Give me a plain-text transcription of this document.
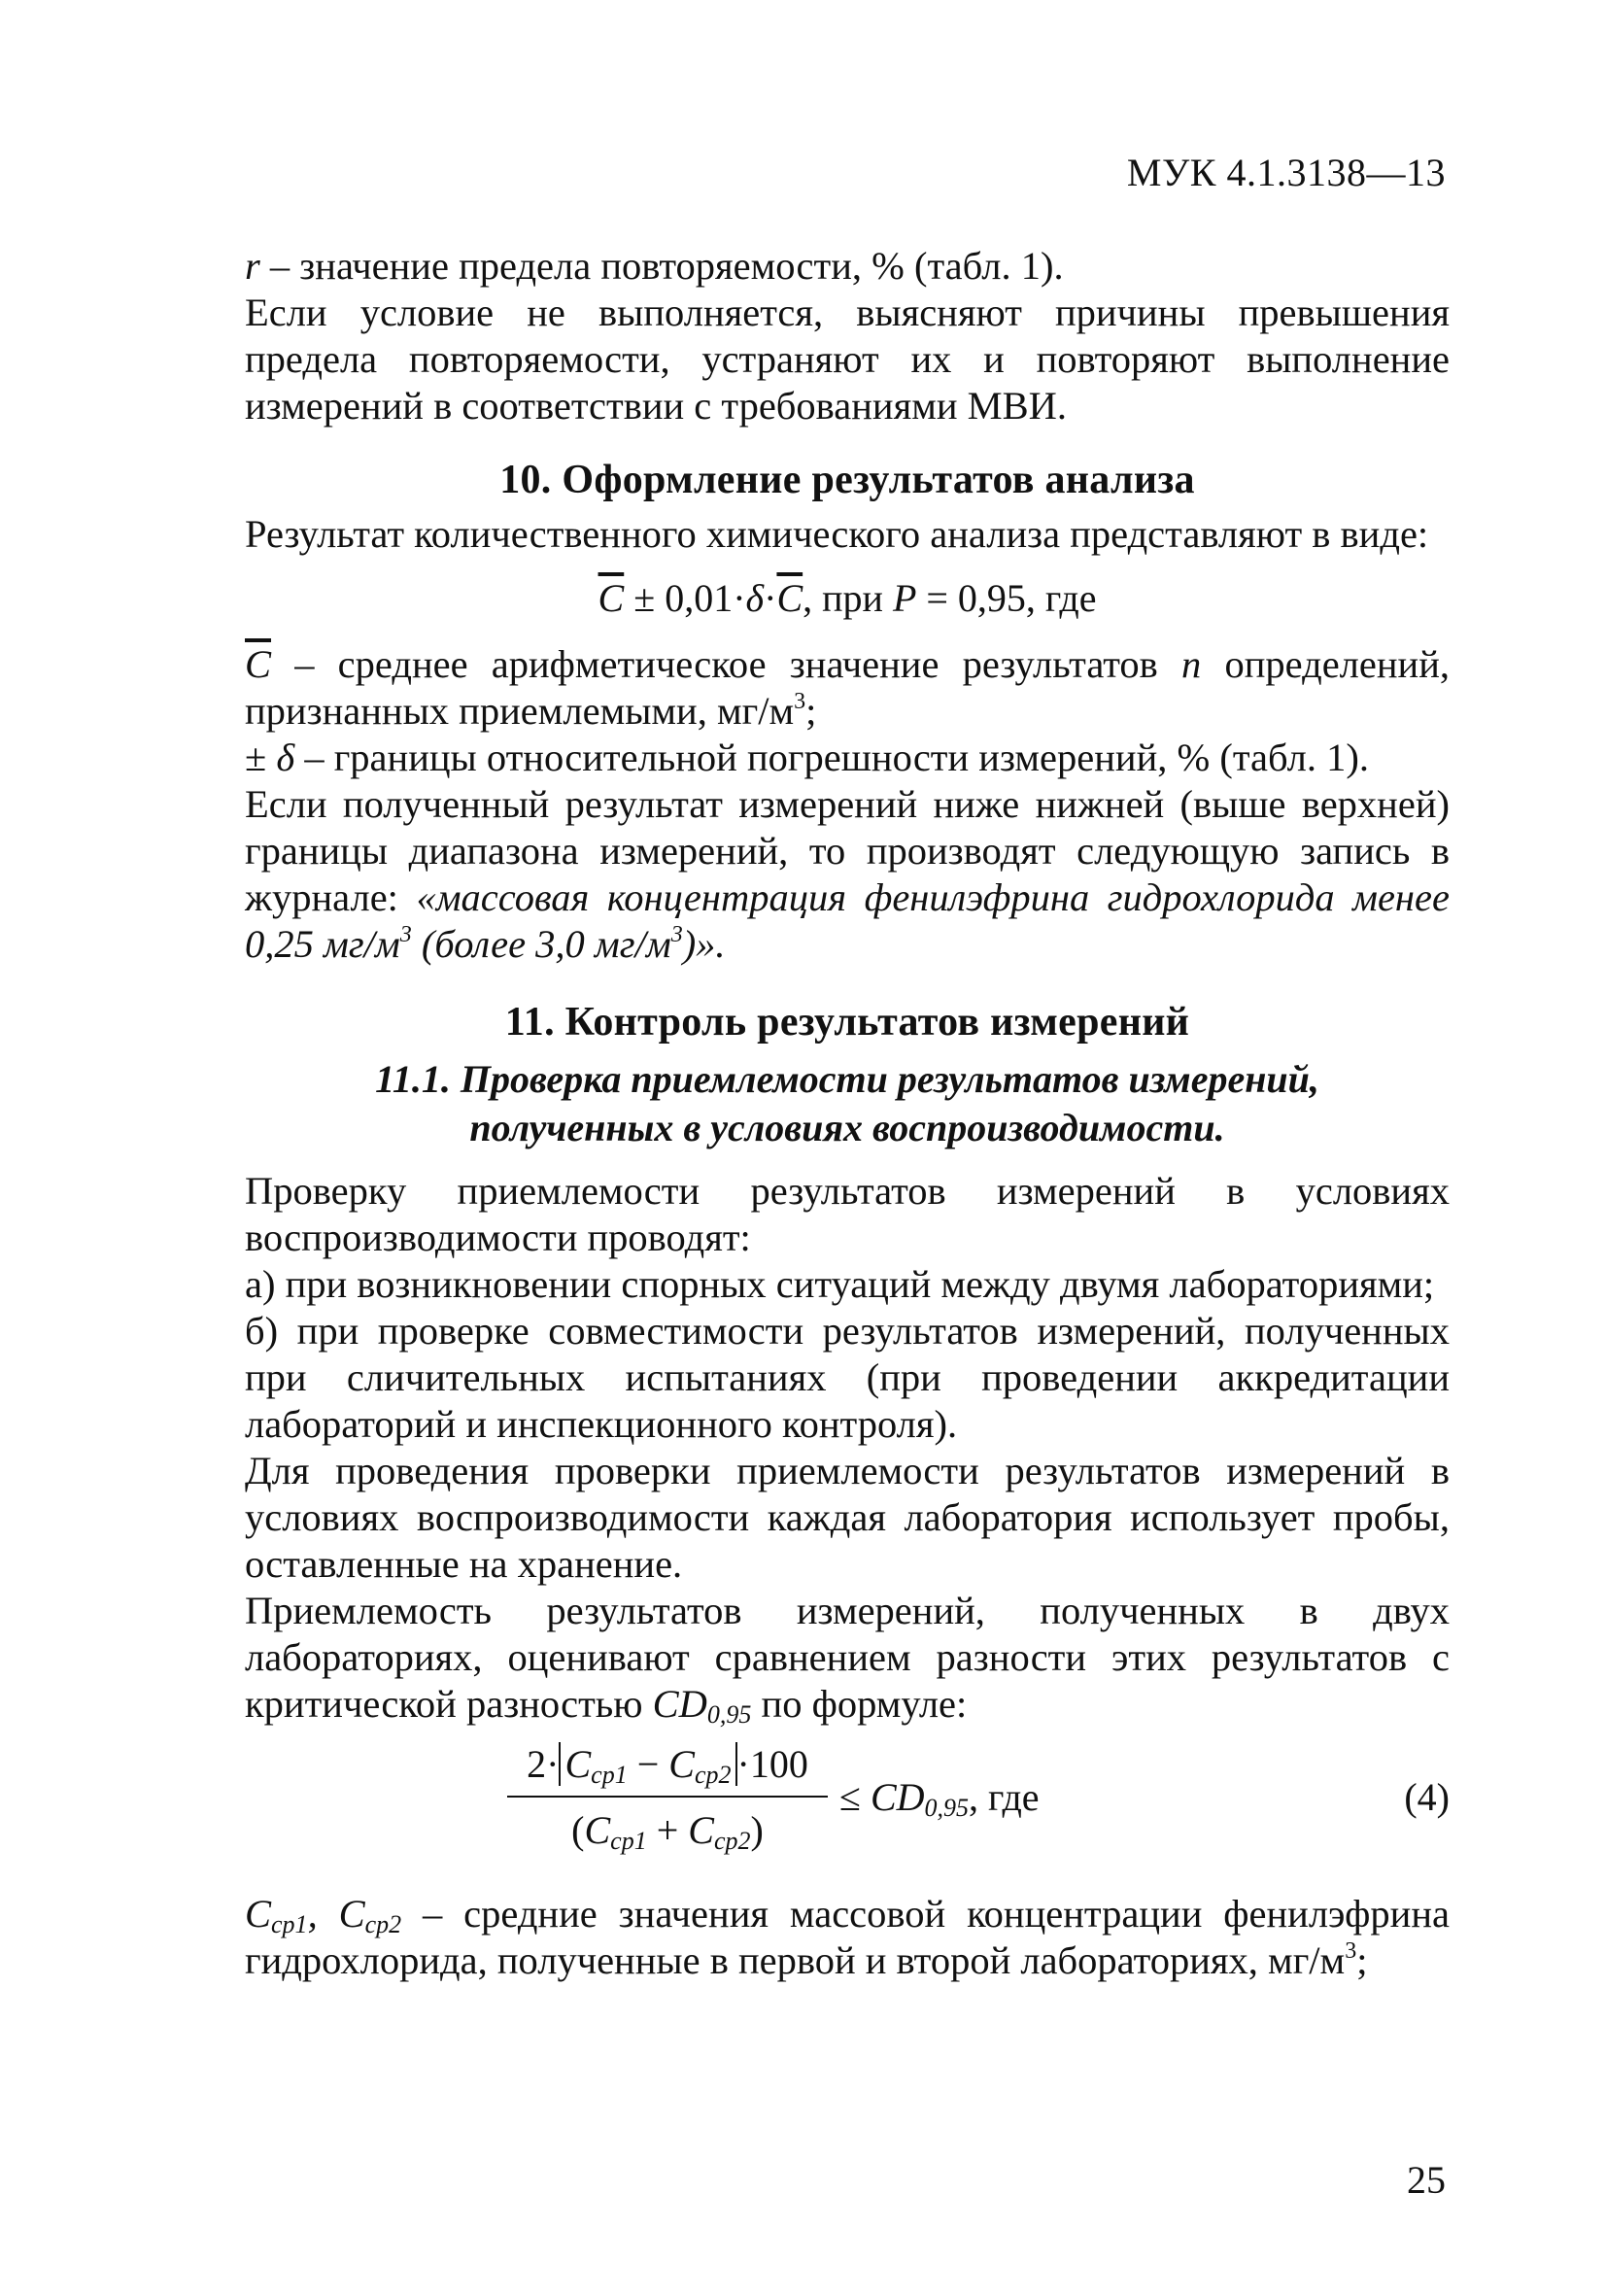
МУК 4.1.3138—13

r – значение предела повторяемости, % (табл. 1).

Если условие не выполняется, выясняют причины превышения предела повторяемости, устраняют их и повторяют выполнение измерений в соответствии с требованиями МВИ.

10. Оформление результатов анализа

Результат количественного химического анализа представляют в виде:

$\overline{C} \pm 0,01\cdot\delta\cdot\overline{C}$, при P = 0,95, где

$\overline{C}$ – среднее арифметическое значение результатов n определений, признанных приемлемыми, $мг/м^3$;

± δ – границы относительной погрешности измерений, % (табл. 1).

Если полученный результат измерений ниже нижней (выше верхней) границы диапазона измерений, то производят следующую запись в журнале: «массовая концентрация фенилэфрина гидрохлорида менее 0,25 $мг/м^3$ (более 3,0 $мг/м^3$)».

11. Контроль результатов измерений
11.1. Проверка приемлемости результатов измерений,
полученных в условиях воспроизводимости.

Проверку приемлемости результатов измерений в условиях воспроизводимости проводят:

а) при возникновении спорных ситуаций между двумя лабораториями;

б) при проверке совместимости результатов измерений, полученных при сличительных испытаниях (при проведении аккредитации лабораторий и инспекционного контроля).

Для проведения проверки приемлемости результатов измерений в условиях воспроизводимости каждая лаборатория использует пробы, оставленные на хранение.

Приемлемость результатов измерений, полученных в двух лабораториях, оценивают сравнением разности этих результатов с критической разностью $CD_{0,95}$ по формуле:

$2\cdot C_{ср1} - C_{ср2} \cdot 100$
$(C_{ср1} + C_{ср2})$
≤ $CD_{0,95}$, где	(4)

$C_{ср1}$, $C_{ср2}$ – средние значения массовой концентрации фенилэфрина гидрохлорида, полученные в первой и второй лабораториях, $мг/м^3$;

25
